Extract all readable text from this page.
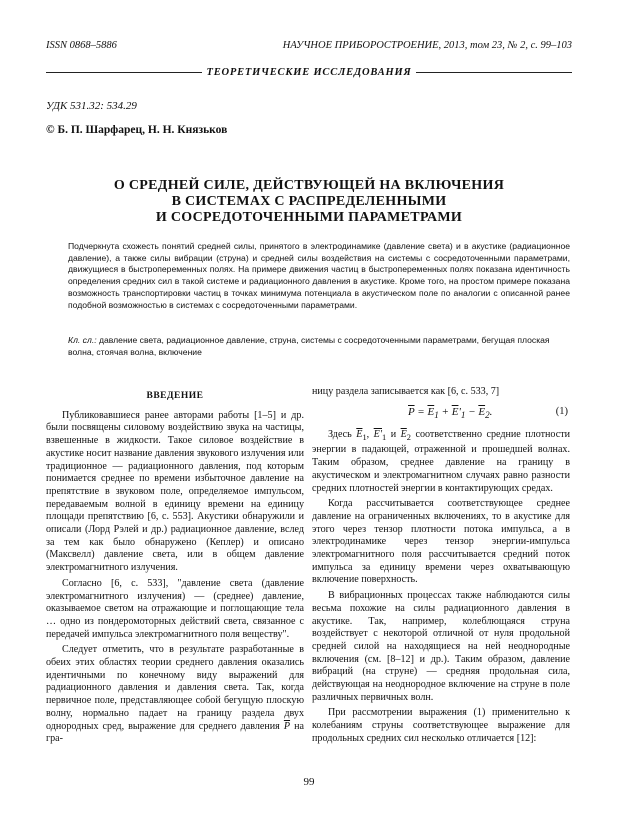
ISSN 0868–5886	НАУЧНОЕ ПРИБОРОСТРОЕНИЕ, 2013, том 23, № 2, с. 99–103
ТЕОРЕТИЧЕСКИЕ ИССЛЕДОВАНИЯ
УДК 531.32: 534.29
© Б. П. Шарфарец, Н. Н. Князьков
О СРЕДНЕЙ СИЛЕ, ДЕЙСТВУЮЩЕЙ НА ВКЛЮЧЕНИЯ
В СИСТЕМАХ С РАСПРЕДЕЛЕННЫМИ
И СОСРЕДОТОЧЕННЫМИ ПАРАМЕТРАМИ
Подчеркнута схожесть понятий средней силы, принятого в электродинамике (давление света) и в акустике (радиационное давление), а также силы вибрации (струна) и средней силы воздействия на системы с сосредоточенными параметрами, движущиеся в быстропеременных полях. На примере движения частиц в быстропеременных полях показана идентичность определения средних сил в такой системе и радиационного давления в акустике. Кроме того, на простом примере показана возможность транспортировки частиц в точках минимума потенциала в акустическом поле по аналогии с описанной ранее подобной возможностью в системах с сосредоточенными параметрами.
Кл. сл.: давление света, радиационное давление, струна, системы с сосредоточенными параметрами, бегущая плоская волна, стоячая волна, включение
ВВЕДЕНИЕ

Публиковавшиеся ранее авторами работы [1–5] и др. были посвящены силовому воздействию звука на частицы, взвешенные в жидкости. Такое силовое воздействие в акустике носит название давления звукового излучения или традиционное — радиационного давления, под которым понимается среднее по времени избыточное давление на препятствие в звуковом поле, определяемое импульсом, передаваемым волной в единицу времени на единицу площади препятствию [6, с. 553]. Акустики обнаружили и описали (Лорд Рэлей и др.) радиационное давление, вслед за тем как было обнаружено (Кеплер) и описано (Максвелл) давление света, или в общем давление электромагнитного излучения.

Согласно [6, с. 533], "давление света (давление электромагнитного излучения) — (среднее) давление, оказываемое светом на отражающие и поглощающие тела … одно из пондеромоторных действий света, связанное с передачей импульса электромагнитного поля веществу".

Следует отметить, что в результате разработанные в обеих этих областях теории среднего давления оказались идентичными по конечному виду выражений для радиационного давления и давления света. Так, когда первичное поле, представляющее собой бегущую плоскую волну, нормально падает на границу раздела двух однородных сред, выражение для среднего давления $\overline{P}$ на гра-

ницу раздела записывается как [6, с. 533, 7]

$\overline{P} = \overline{E}_1 + \overline{E}'_1 - \overline{E}_2$.	(1)

Здесь $\overline{E}_1$, $E'_1$ и $\overline{E}_2$ соответственно средние плотности энергии в падающей, отраженной и прошедшей волнах. Таким образом, среднее давление на границу в акустическом и электромагнитном случаях равно разности средних плотностей энергии в контактирующих средах.

Когда рассчитывается соответствующее среднее давление на ограниченных включениях, то в акустике для этого через тензор плотности потока импульса, а в электродинамике через тензор энергии-импульса электромагнитного поля рассчитывается средний поток импульса за единицу времени через охватывающую включение поверхность.

В вибрационных процессах также наблюдаются силы весьма похожие на силы радиационного давления в акустике. Так, например, колеблющаяся струна воздействует с некоторой отличной от нуля продольной средней силой на находящиеся на ней неоднородные включения (см. [8–12] и др.). Таким образом, давление вибраций (на струне) — средняя продольная сила, действующая на неоднородное включение на струне в поле различных первичных волн.

При рассмотрении выражения (1) применительно к колебаниям струны соответствующее выражение для продольных средних сил несколько отличается [12]:

99
